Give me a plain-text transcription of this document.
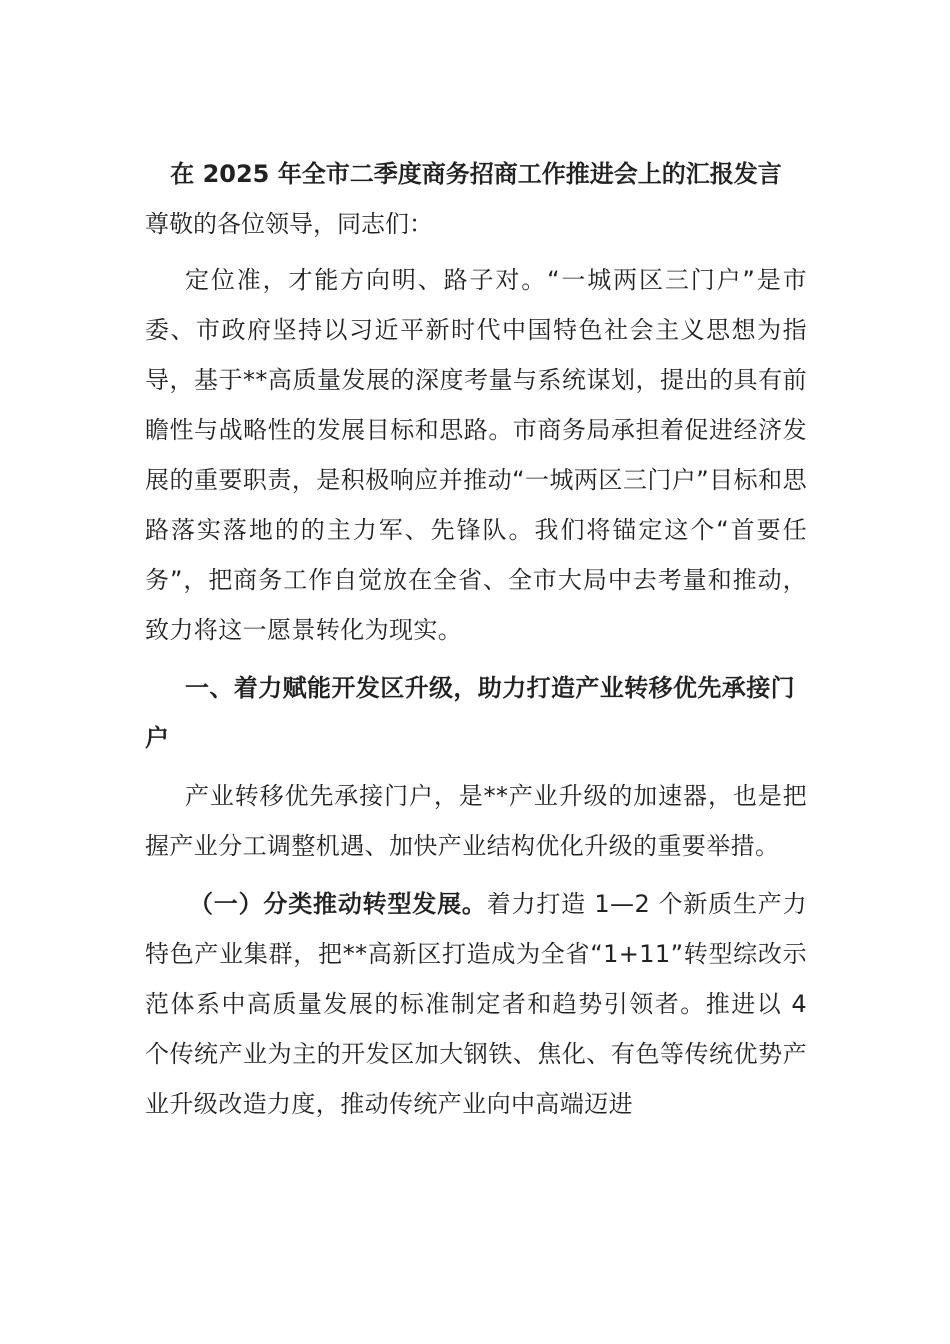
在 2025 年全市二季度商务招商工作推进会上的汇报发言

尊敬的各位领导，同志们：

定位准，才能方向明、路子对。“一城两区三门户”是市委、市政府坚持以习近平新时代中国特色社会主义思想为指导，基于**高质量发展的深度考量与系统谋划，提出的具有前瞻性与战略性的发展目标和思路。市商务局承担着促进经济发展的重要职责，是积极响应并推动“一城两区三门户”目标和思路落实落地的的主力军、先锋队。我们将锚定这个“首要任务”，把商务工作自觉放在全省、全市大局中去考量和推动，致力将这一愿景转化为现实。

一、着力赋能开发区升级，助力打造产业转移优先承接门户

产业转移优先承接门户，是**产业升级的加速器，也是把握产业分工调整机遇、加快产业结构优化升级的重要举措。

（一）分类推动转型发展。着力打造 1—2 个新质生产力特色产业集群，把**高新区打造成为全省“1+11”转型综改示范体系中高质量发展的标准制定者和趋势引领者。推进以 4 个传统产业为主的开发区加大钢铁、焦化、有色等传统优势产业升级改造力度，推动传统产业向中高端迈进
